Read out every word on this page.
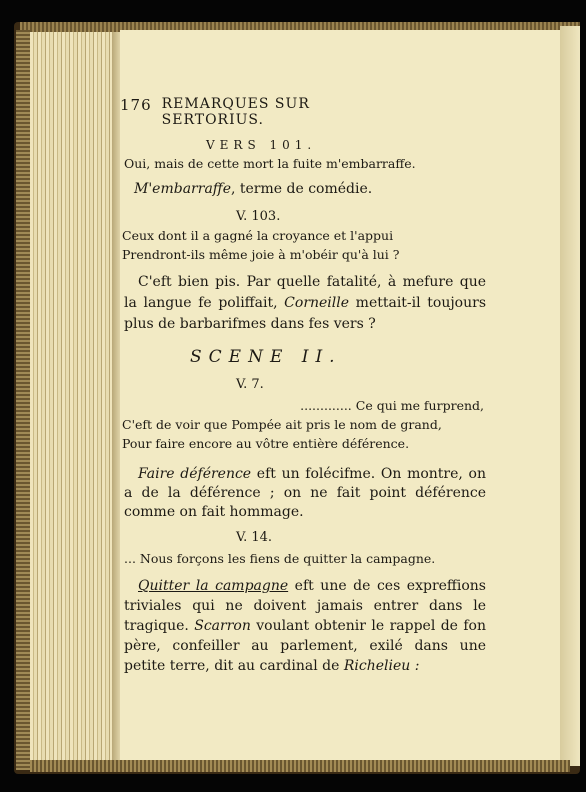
176 REMARQUES SUR SERTORIUS.
VERS 101.
Oui, mais de cette mort la fuite m'embarraffe.
M'embarraffe, terme de comédie.
V. 103.
Ceux dont il a gagné la croyance et l'appui
Prendront-ils même joie à m'obéir qu'à lui ?
C'eft bien pis. Par quelle fatalité, à mefure que la langue fe poliffait, Corneille mettait-il toujours plus de barbarifmes dans fes vers ?
SCENE II.
V. 7.
............. Ce qui me furprend,
C'eft de voir que Pompée ait pris le nom de grand,
Pour faire encore au vôtre entière déférence.
Faire déférence eft un folécifme. On montre, on a de la déférence ; on ne fait point déférence comme on fait hommage.
V. 14.
... Nous forçons les fiens de quitter la campagne.
Quitter la campagne eft une de ces expreffions triviales qui ne doivent jamais entrer dans le tragique. Scarron voulant obtenir le rappel de fon père, confeiller au parlement, exilé dans une petite terre, dit au cardinal de Richelieu :
